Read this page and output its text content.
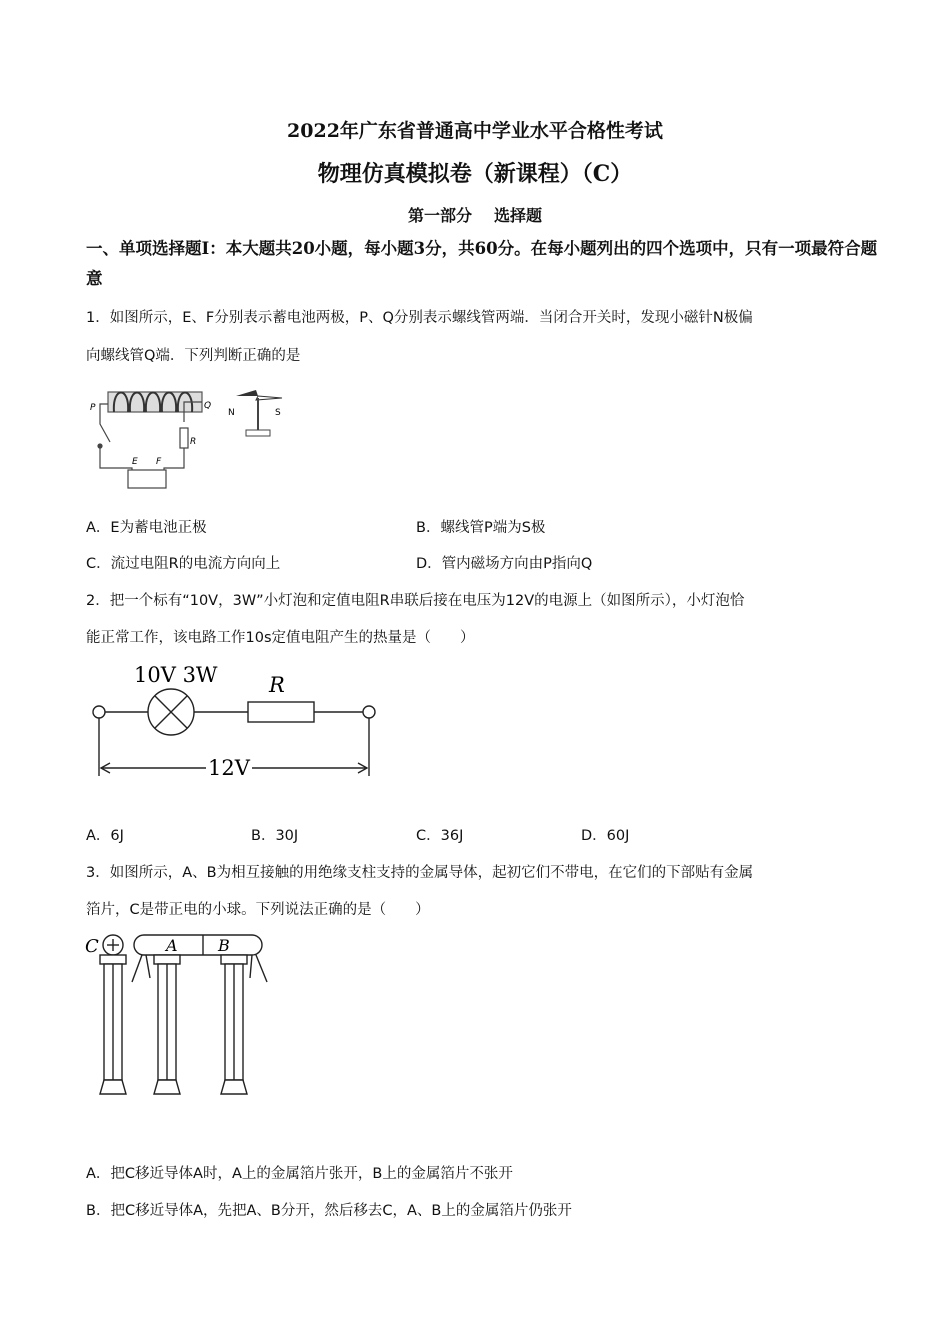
2022年广东省普通高中学业水平合格性考试
物理仿真模拟卷（新课程）（C）
第一部分 选择题
一、单项选择题Ⅰ：本大题共20小题，每小题3分，共60分。在每小题列出的四个选项中，只有一项最符合题意
1．如图所示，E、F分别表示蓄电池两极，P、Q分别表示螺线管两端．当闭合开关时，发现小磁针N极偏
向螺线管Q端．下列判断正确的是
P	Q
R
E F
N	S
A．E为蓄电池正极	B．螺线管P端为S极
C．流过电阻R的电流方向向上	D．管内磁场方向由P指向Q
2．把一个标有“10V，3W”小灯泡和定值电阻R串联后接在电压为12V的电源上（如图所示），小灯泡恰
能正常工作，该电路工作10s定值电阻产生的热量是（　　）
10V 3W R
12V
A．6J	B．30J	C．36J	D．60J
3．如图所示，A、B为相互接触的用绝缘支柱支持的金属导体，起初它们不带电，在它们的下部贴有金属
箔片，C是带正电的小球。下列说法正确的是（　　）
C	A	B
A．把C移近导体A时，A上的金属箔片张开，B上的金属箔片不张开
B．把C移近导体A，先把A、B分开，然后移去C，A、B上的金属箔片仍张开
